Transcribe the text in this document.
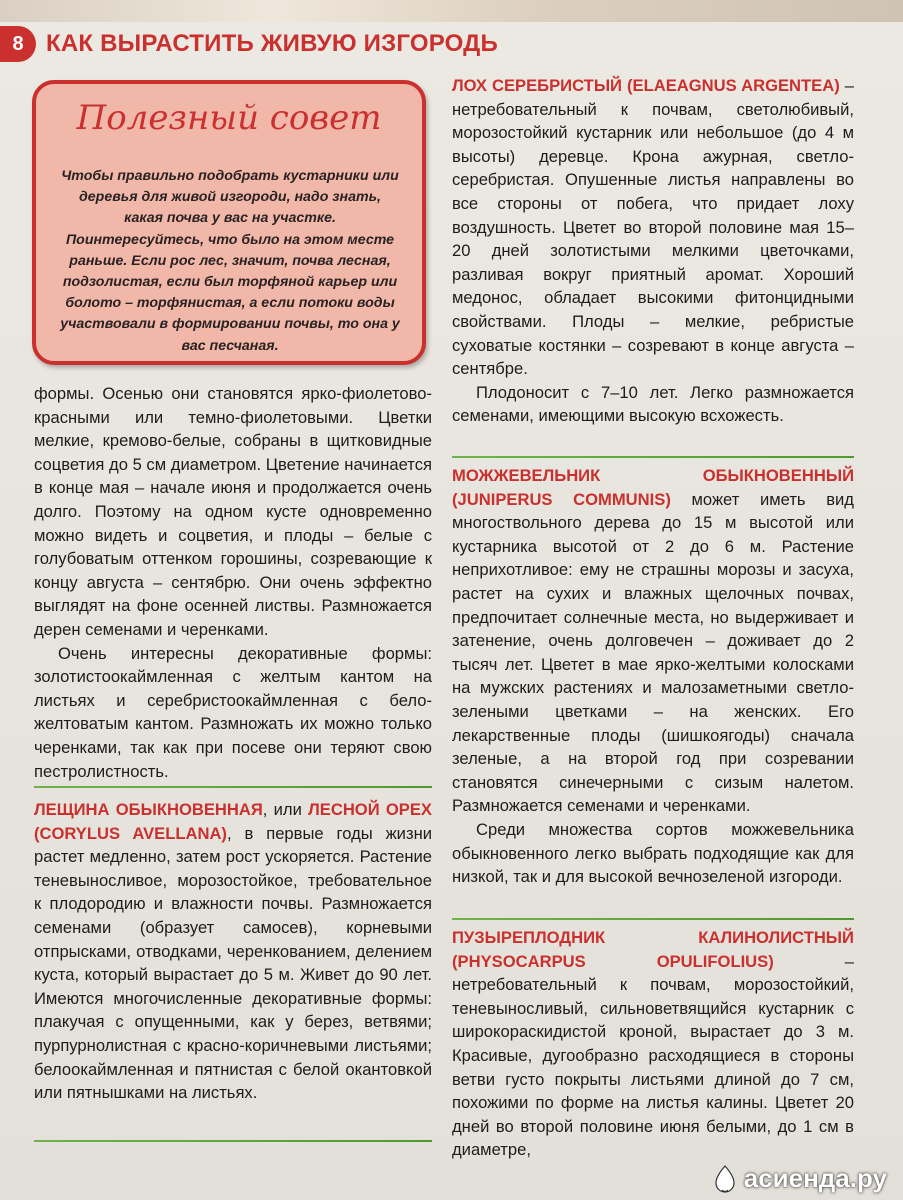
8 КАК ВЫРАСТИТЬ ЖИВУЮ ИЗГОРОДЬ
Полезный совет
Чтобы правильно подобрать кустарники или деревья для живой изгороди, надо знать, какая почва у вас на участке. Поинтересуйтесь, что было на этом месте раньше. Если рос лес, значит, почва лесная, подзолистая, если был торфяной карьер или болото – торфянистая, а если потоки воды участвовали в формировании почвы, то она у вас песчаная.

формы. Осенью они становятся ярко-фиолетово-красными или темно-фиолетовыми. Цветки мелкие, кремово-белые, собраны в щитковидные соцветия до 5 см диаметром. Цветение начинается в конце мая – начале июня и продолжается очень долго. Поэтому на одном кусте одновременно можно видеть и соцветия, и плоды – белые с голубоватым оттенком горошины, созревающие к концу августа – сентябрю. Они очень эффектно выглядят на фоне осенней листвы. Размножается дерен семенами и черенками.

Очень интересны декоративные формы: золотистоокаймленная с желтым кантом на листьях и серебристоокаймленная с бело-желтоватым кантом. Размножать их можно только черенками, так как при посеве они теряют свою пестролистность.

ЛЕЩИНА ОБЫКНОВЕННАЯ, или ЛЕСНОЙ ОРЕХ (CORYLUS AVELLANA), в первые годы жизни растет медленно, затем рост ускоряется. Растение теневыносливое, морозостойкое, требовательное к плодородию и влажности почвы. Размножается семенами (образует самосев), корневыми отпрысками, отводками, черенкованием, делением куста, который вырастает до 5 м. Живет до 90 лет. Имеются многочисленные декоративные формы: плакучая с опущенными, как у берез, ветвями; пурпурнолистная с красно-коричневыми листьями; белоокаймленная и пятнистая с белой окантовкой или пятнышками на листьях.

ЛОХ СЕРЕБРИСТЫЙ (ELAEAGNUS ARGENTEA) – нетребовательный к почвам, светолюбивый, морозостойкий кустарник или небольшое (до 4 м высоты) деревце. Крона ажурная, светло-серебристая. Опушенные листья направлены во все стороны от побега, что придает лоху воздушность. Цветет во второй половине мая 15–20 дней золотистыми мелкими цветочками, разливая вокруг приятный аромат. Хороший медонос, обладает высокими фитонцидными свойствами. Плоды – мелкие, ребристые суховатые костянки – созревают в конце августа – сентябре.

Плодоносит с 7–10 лет. Легко размножается семенами, имеющими высокую всхожесть.

МОЖЖЕВЕЛЬНИК ОБЫКНОВЕННЫЙ (JUNIPERUS COMMUNIS) может иметь вид многоствольного дерева до 15 м высотой или кустарника высотой от 2 до 6 м. Растение неприхотливое: ему не страшны морозы и засуха, растет на сухих и влажных щелочных почвах, предпочитает солнечные места, но выдерживает и затенение, очень долговечен – доживает до 2 тысяч лет. Цветет в мае ярко-желтыми колосками на мужских растениях и малозаметными светло-зелеными цветками – на женских. Его лекарственные плоды (шишкоягоды) сначала зеленые, а на второй год при созревании становятся синечерными с сизым налетом. Размножается семенами и черенками.

Среди множества сортов можжевельника обыкновенного легко выбрать подходящие как для низкой, так и для высокой вечнозеленой изгороди.

ПУЗЫРЕПЛОДНИК КАЛИНОЛИСТНЫЙ (PHYSOCARPUS OPULIFOLIUS) – нетребовательный к почвам, морозостойкий, теневыносливый, сильноветвящийся кустарник с широкораскидистой кроной, вырастает до 3 м. Красивые, дугообразно расходящиеся в стороны ветви густо покрыты листьями длиной до 7 см, похожими по форме на листья калины. Цветет 20 дней во второй половине июня белыми, до 1 см в диаметре,

асиенда.ру
